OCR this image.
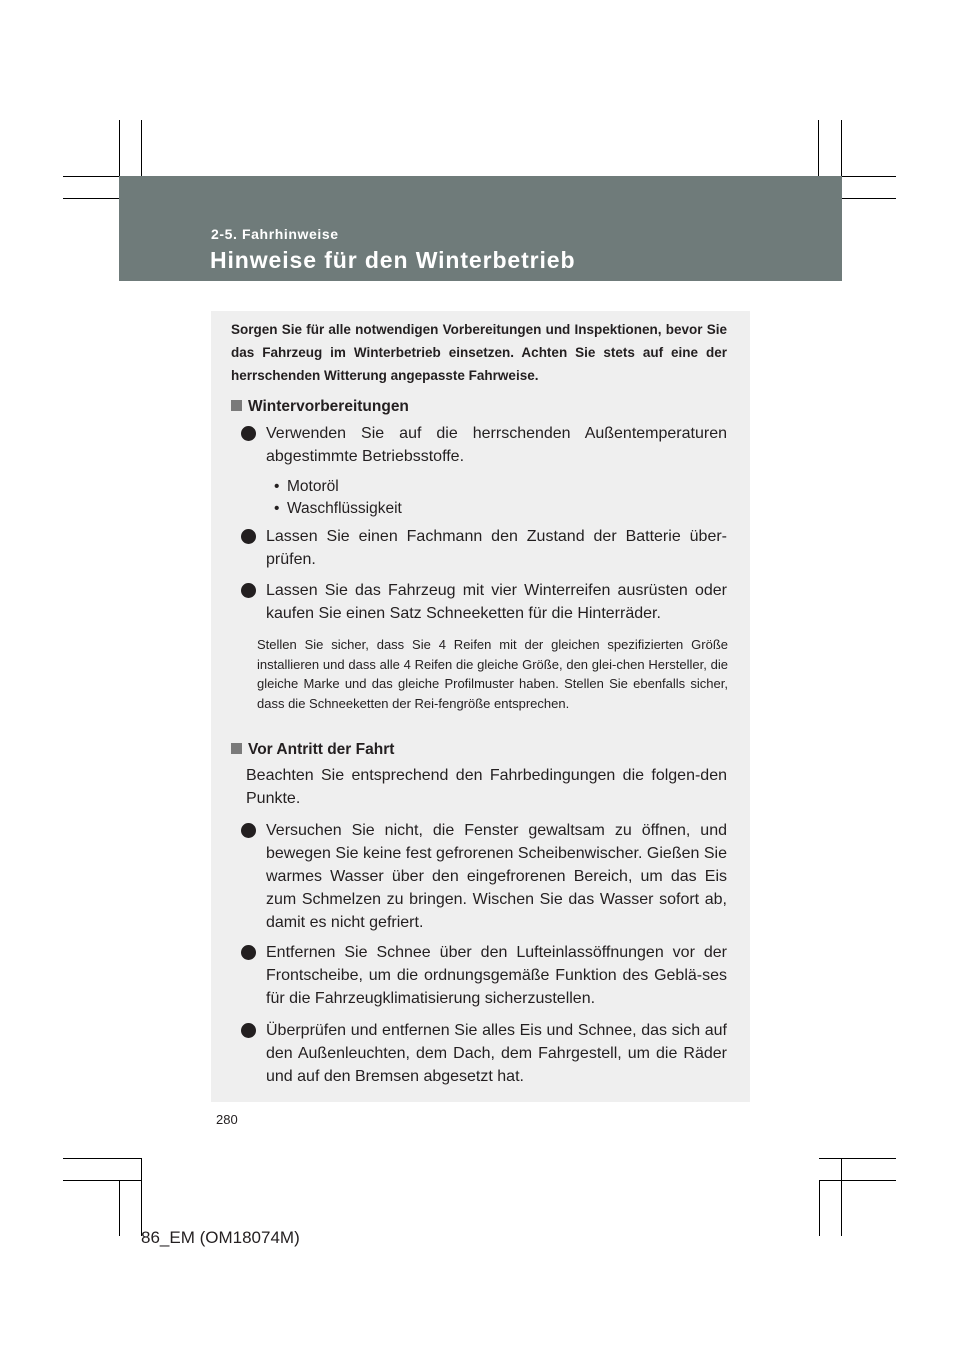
2-5. Fahrhinweise
Hinweise für den Winterbetrieb
Sorgen Sie für alle notwendigen Vorbereitungen und Inspektionen, bevor Sie das Fahrzeug im Winterbetrieb einsetzen. Achten Sie stets auf eine der herrschenden Witterung angepasste Fahrweise.
Wintervorbereitungen
Verwenden Sie auf die herrschenden Außentemperaturen abgestimmte Betriebsstoffe.
• Motoröl
• Waschflüssigkeit
Lassen Sie einen Fachmann den Zustand der Batterie über-prüfen.
Lassen Sie das Fahrzeug mit vier Winterreifen ausrüsten oder kaufen Sie einen Satz Schneeketten für die Hinterräder.
Stellen Sie sicher, dass Sie 4 Reifen mit der gleichen spezifizierten Größe installieren und dass alle 4 Reifen die gleiche Größe, den glei-chen Hersteller, die gleiche Marke und das gleiche Profilmuster haben. Stellen Sie ebenfalls sicher, dass die Schneeketten der Rei-fengröße entsprechen.
Vor Antritt der Fahrt
Beachten Sie entsprechend den Fahrbedingungen die folgen-den Punkte.
Versuchen Sie nicht, die Fenster gewaltsam zu öffnen, und bewegen Sie keine fest gefrorenen Scheibenwischer. Gießen Sie warmes Wasser über den eingefrorenen Bereich, um das Eis zum Schmelzen zu bringen. Wischen Sie das Wasser sofort ab, damit es nicht gefriert.
Entfernen Sie Schnee über den Lufteinlassöffnungen vor der Frontscheibe, um die ordnungsgemäße Funktion des Geblä-ses für die Fahrzeugklimatisierung sicherzustellen.
Überprüfen und entfernen Sie alles Eis und Schnee, das sich auf den Außenleuchten, dem Dach, dem Fahrgestell, um die Räder und auf den Bremsen abgesetzt hat.
280
86_EM (OM18074M)
